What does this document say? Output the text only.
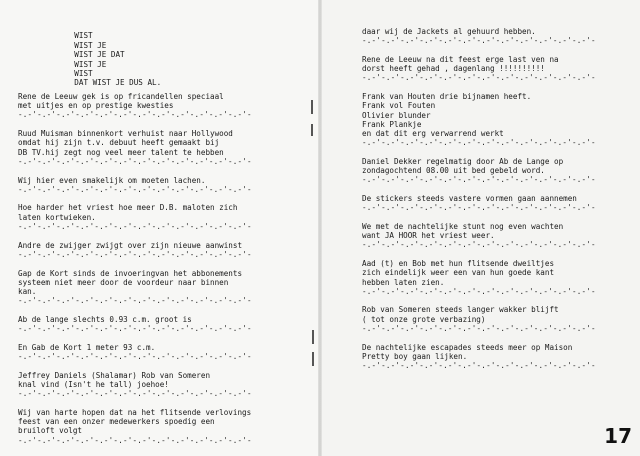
WIST
WIST JE
WIST JE DAT
WIST JE
WIST
DAT WIST JE DUS AL.

Rene de Leeuw gek is op fricandellen speciaal
met uitjes en op prestige kwesties
-.-'-.-'-.-'-.-'-.-'-.-'-.-'-.-'-.-'-.-'-.-'-.-'-
Ruud Muisman binnenkort verhuist naar Hollywood
omdat hij zijn t.v. debuut heeft gemaakt bij
DB TV.hij zegt nog veel meer talent te hebben
-.-'-.-'-.-'-.-'-.-'-.-'-.-'-.-'-.-'-.-'-.-'-.-'-
Wij hier even smakelijk om moeten lachen.
-.-'-.-'-.-'-.-'-.-'-.-'-.-'-.-'-.-'-.-'-.-'-.-'-
Hoe harder het vriest hoe meer D.B. maloten zich
laten kortwieken.
-.-'-.-'-.-'-.-'-.-'-.-'-.-'-.-'-.-'-.-'-.-'-.-'-
Andre de zwijger zwijgt over zijn nieuwe aanwinst
-.-'-.-'-.-'-.-'-.-'-.-'-.-'-.-'-.-'-.-'-.-'-.-'-
Gap de Kort sinds de invoeringvan het abbonements
systeem niet meer door de voordeur naar binnen
kan.
-.-'-.-'-.-'-.-'-.-'-.-'-.-'-.-'-.-'-.-'-.-'-.-'-
Ab de lange slechts 0.93 c.m. groot is
-.-'-.-'-.-'-.-'-.-'-.-'-.-'-.-'-.-'-.-'-.-'-.-'-
En Gab de Kort 1 meter 93 c.m.
-.-'-.-'-.-'-.-'-.-'-.-'-.-'-.-'-.-'-.-'-.-'-.-'-
Jeffrey Daniels (Shalamar) Rob van Someren
knal vind (Isn't he tall) joehoe!
-.-'-.-'-.-'-.-'-.-'-.-'-.-'-.-'-.-'-.-'-.-'-.-'-
Wij van harte hopen dat na het flitsende verlovings
feest van een onzer medewerkers spoedig een
bruiloft volgt
-.-'-.-'-.-'-.-'-.-'-.-'-.-'-.-'-.-'-.-'-.-'-.-'-
daar wij de Jackets al gehuurd hebben.
-.-'-.-'-.-'-.-'-.-'-.-'-.-'-.-'-.-'-.-'-.-'-.-'-
Rene de Leeuw na dit feest erge last ven na
dorst heeft gehad , dagenlang !!!!!!!!!!
-.-'-.-'-.-'-.-'-.-'-.-'-.-'-.-'-.-'-.-'-.-'-.-'-
Frank van Houten drie bijnamen heeft.
Frank vol Fouten
Olivier blunder
Frank Plankje
en dat dit erg verwarrend werkt
-.-'-.-'-.-'-.-'-.-'-.-'-.-'-.-'-.-'-.-'-.-'-.-'-
Daniel Dekker regelmatig door Ab de Lange op
zondagochtend 08.00 uit bed gebeld word.
-.-'-.-'-.-'-.-'-.-'-.-'-.-'-.-'-.-'-.-'-.-'-.-'-
De stickers steeds vastere vormen gaan aannemen
-.-'-.-'-.-'-.-'-.-'-.-'-.-'-.-'-.-'-.-'-.-'-.-'-
We met de nachtelijke stunt nog even wachten
want JA HOOR het vriest weer.
-.-'-.-'-.-'-.-'-.-'-.-'-.-'-.-'-.-'-.-'-.-'-.-'-
Aad (t) en Bob met hun flitsende dweiltjes
zich eindelijk weer een van hun goede kant
hebben laten zien.
-.-'-.-'-.-'-.-'-.-'-.-'-.-'-.-'-.-'-.-'-.-'-.-'-
Rob van Someren steeds langer wakker blijft
( tot onze grote verbazing)
-.-'-.-'-.-'-.-'-.-'-.-'-.-'-.-'-.-'-.-'-.-'-.-'-
De nachtelijke escapades steeds meer op Maison
Pretty boy gaan lijken.
-.-'-.-'-.-'-.-'-.-'-.-'-.-'-.-'-.-'-.-'-.-'-.-'-
17
